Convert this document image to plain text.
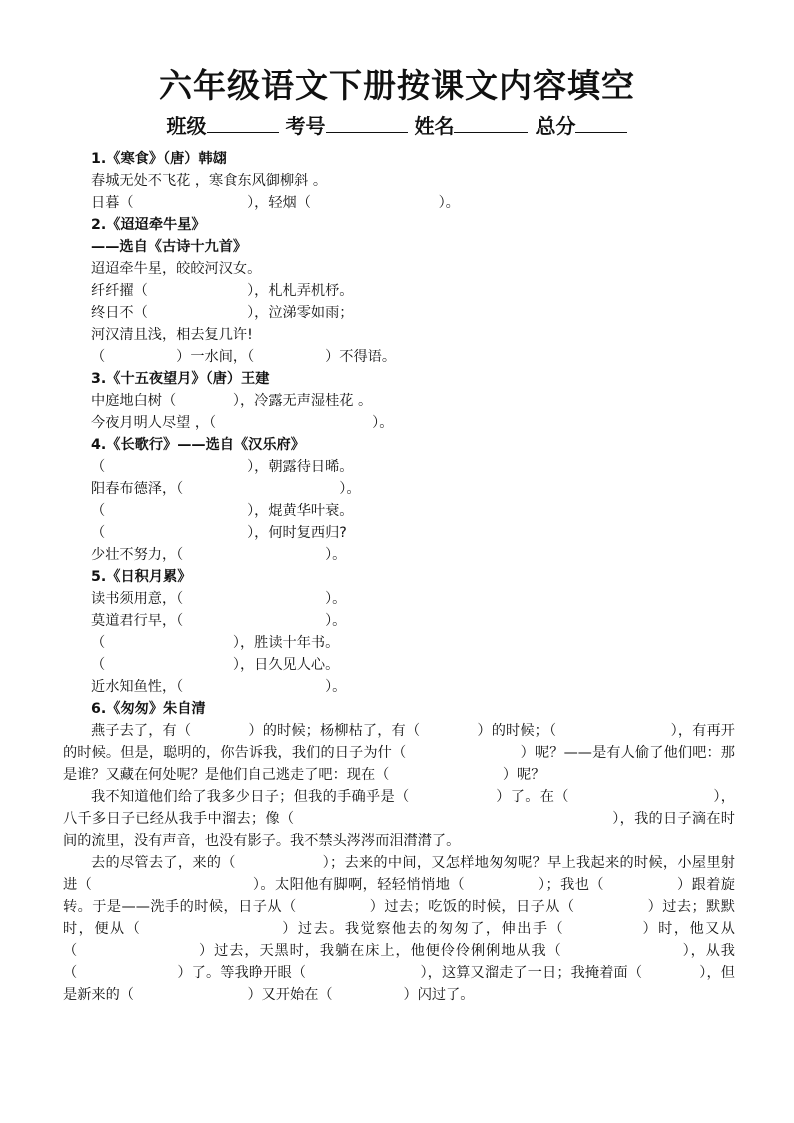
六年级语文下册按课文内容填空
班级	考号	姓名	总分
1.《寒食》（唐）韩翃
春城无处不飞花 ，寒食东风御柳斜 。
日暮（　　　　　　　　），轻烟（　　　　　　　　　）。
2.《迢迢牵牛星》
——选自《古诗十九首》
迢迢牵牛星，皎皎河汉女。
纤纤擢（　　　　　　　），札札弄机杼。
终日不（　　　　　　　），泣涕零如雨；
河汉清且浅，相去复几许!
（　　　　　）一水间，（　　　　　）不得语。
3.《十五夜望月》（唐）王建
中庭地白树（　　　　），冷露无声湿桂花 。
今夜月明人尽望 ，（　　　　　　　　　　　）。
4.《长歌行》——选自《汉乐府》
（　　　　　　　　　　），朝露待日晞。
阳春布德泽，（　　　　　　　　　　　）。
（　　　　　　　　　　），焜黄华叶衰。
（　　　　　　　　　　），何时复西归?
少壮不努力，（　　　　　　　　　　）。
5.《日积月累》
读书须用意，（　　　　　　　　　　）。
莫道君行早，（　　　　　　　　　　）。
（　　　　　　　　　），胜读十年书。
（　　　　　　　　　），日久见人心。
近水知鱼性，（　　　　　　　　　　）。
6.《匆匆》朱自清
燕子去了，有（　　　　）的时候；杨柳枯了，有（　　　　）的时候；（　　　　　　　　），有再开的时候。但是，聪明的，你告诉我，我们的日子为什（　　　　　　　　）呢？——是有人偷了他们吧：那是谁？又藏在何处呢？是他们自己逃走了吧：现在（　　　　　　　　）呢？
我不知道他们给了我多少日子；但我的手确乎是（　　　　　　）了。在（　　　　　　　　　　），八千多日子已经从我手中溜去；像（　　　　　　　　　　　　　　　　　　　　　　），我的日子滴在时间的流里，没有声音，也没有影子。我不禁头涔涔而泪潸潸了。
去的尽管去了，来的（　　　　　　）；去来的中间，又怎样地匆匆呢？早上我起来的时候，小屋里射进（　　　　　　　　　　　）。太阳他有脚啊，轻轻悄悄地（　　　　　）；我也（　　　　　）跟着旋转。于是——洗手的时候，日子从（　　　　　）过去；吃饭的时候，日子从（　　　　　）过去；默默时，便从（　　　　　　　　　）过去。我觉察他去的匆匆了，伸出手（　　　　　）时，他又从（　　　　　　　　）过去，天黑时，我躺在床上，他便伶伶俐俐地从我（　　　　　　　　），从我（　　　　　　　）了。等我睁开眼（　　　　　　　　），这算又溜走了一日；我掩着面（　　　　），但是新来的（　　　　　　　　）又开始在（　　　　　）闪过了。
